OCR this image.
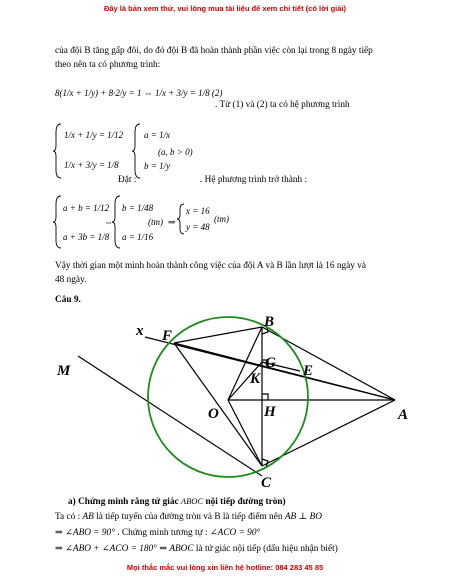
Đây là bản xem thử, vui lòng mua tài liệu để xem chi tiết (có lời giải)
của đội B tăng gấp đôi, do đó đội B đã hoàn thành phần việc còn lại trong 8 ngày tiếp
theo nên ta có phương trình:
8(1/x + 1/y) + 8·2/y = 1 ⇔ 1/x + 3/y = 1/8 (2)
. Từ (1) và (2) ta có hệ phương trình
1/x + 1/y = 1/12
1/x + 3/y = 1/8
Đặt :
a = 1/x
(a, b > 0)
b = 1/y
. Hệ phương trình trở thành :
a + b = 1/12
a + 3b = 1/8
⇔
b = 1/48
a = 1/16
(tm) ⇒
x = 16
y = 48
(tm)
Vậy thời gian một mình hoàn thành công việc của đội A và B lần lượt là 16 ngày và
48 ngày.
Câu 9.
x F
B
M	G E
K
O	H	A
C
a) Chứng minh rằng tứ giác ABOC nội tiếp đường tròn)
Ta có : AB là tiếp tuyến của đường tròn và B là tiếp điểm nên AB ⊥ BO
⇒ ∠ABO = 90° . Chứng minh tương tự : ∠ACO = 90°
⇒ ∠ABO + ∠ACO = 180° ⇒ ABOC là tứ giác nội tiếp (dấu hiệu nhận biết)
Mọi thắc mắc vui lòng xin liên hệ hotline: 084 283 45 85
